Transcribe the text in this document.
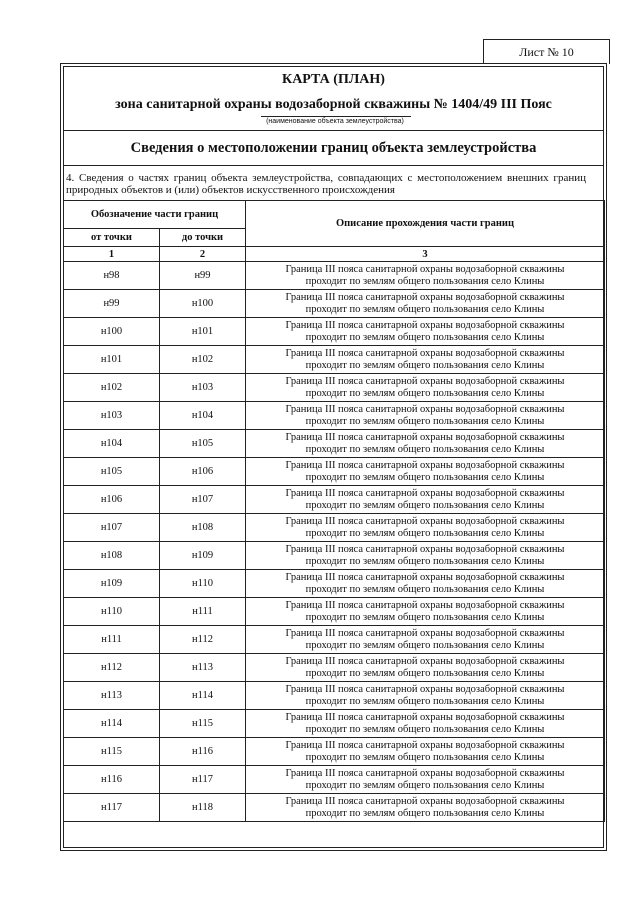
Лист № 10
КАРТА (ПЛАН)
зона санитарной охраны водозаборной скважины № 1404/49 III Пояс
(наименование объекта землеустройства)
Сведения о местоположении границ объекта землеустройства
4. Сведения о частях границ объекта землеустройства, совпадающих с местоположением внешних границ природных объектов и (или) объектов искусственного происхождения
Обозначение части границ		Описание прохождения части границ
от точки	до точки	
1	2	3
н98	н99	Граница III пояса санитарной охраны водозаборной скважины
проходит по землям общего пользования село Клины

н99	н100	Граница III пояса санитарной охраны водозаборной скважины
проходит по землям общего пользования село Клины

н100	н101	Граница III пояса санитарной охраны водозаборной скважины
проходит по землям общего пользования село Клины

н101	н102	Граница III пояса санитарной охраны водозаборной скважины
проходит по землям общего пользования село Клины

н102	н103	Граница III пояса санитарной охраны водозаборной скважины
проходит по землям общего пользования село Клины

н103	н104	Граница III пояса санитарной охраны водозаборной скважины
проходит по землям общего пользования село Клины

н104	н105	Граница III пояса санитарной охраны водозаборной скважины
проходит по землям общего пользования село Клины

н105	н106	Граница III пояса санитарной охраны водозаборной скважины
проходит по землям общего пользования село Клины

н106	н107	Граница III пояса санитарной охраны водозаборной скважины
проходит по землям общего пользования село Клины

н107	н108	Граница III пояса санитарной охраны водозаборной скважины
проходит по землям общего пользования село Клины

н108	н109	Граница III пояса санитарной охраны водозаборной скважины
проходит по землям общего пользования село Клины

н109	н110	Граница III пояса санитарной охраны водозаборной скважины
проходит по землям общего пользования село Клины

н110	н111	Граница III пояса санитарной охраны водозаборной скважины
проходит по землям общего пользования село Клины

н111	н112	Граница III пояса санитарной охраны водозаборной скважины
проходит по землям общего пользования село Клины

н112	н113	Граница III пояса санитарной охраны водозаборной скважины
проходит по землям общего пользования село Клины

н113	н114	Граница III пояса санитарной охраны водозаборной скважины
проходит по землям общего пользования село Клины

н114	н115	Граница III пояса санитарной охраны водозаборной скважины
проходит по землям общего пользования село Клины

н115	н116	Граница III пояса санитарной охраны водозаборной скважины
проходит по землям общего пользования село Клины

н116	н117	Граница III пояса санитарной охраны водозаборной скважины
проходит по землям общего пользования село Клины

н117	н118	Граница III пояса санитарной охраны водозаборной скважины
проходит по землям общего пользования село Клины
